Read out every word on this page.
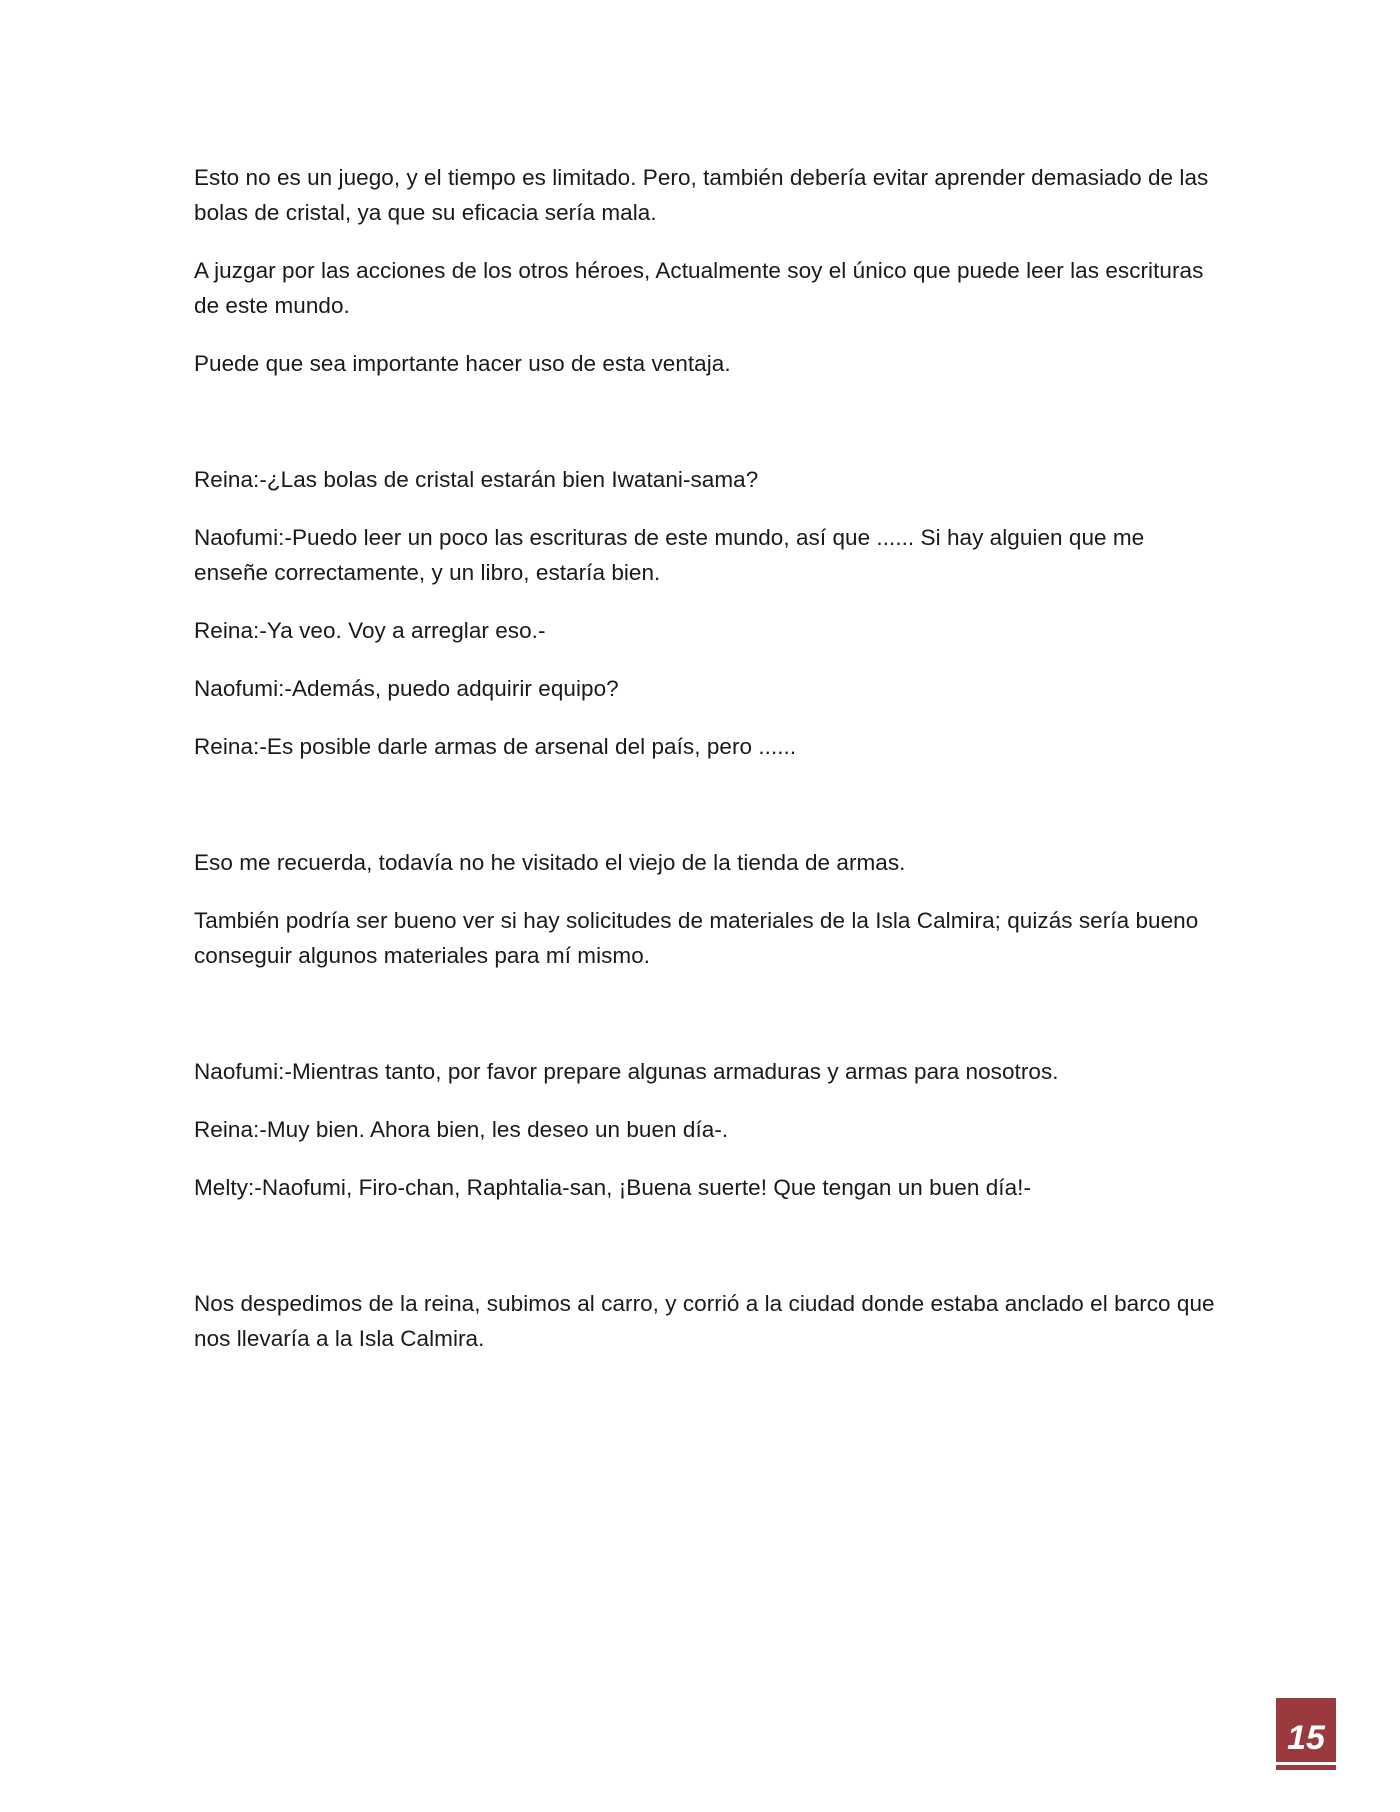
Esto no es un juego, y el tiempo es limitado. Pero, también debería evitar aprender demasiado de las bolas de cristal, ya que su eficacia sería mala.

A juzgar por las acciones de los otros héroes, Actualmente soy el único que puede leer las escrituras de este mundo.

Puede que sea importante hacer uso de esta ventaja.

Reina:-¿Las bolas de cristal estarán bien Iwatani-sama?

Naofumi:-Puedo leer un poco las escrituras de este mundo, así que ...... Si hay alguien que me enseñe correctamente, y un libro, estaría bien.

Reina:-Ya veo. Voy a arreglar eso.-

Naofumi:-Además, puedo adquirir equipo?

Reina:-Es posible darle armas de arsenal del país, pero ......

Eso me recuerda, todavía no he visitado el viejo de la tienda de armas.

También podría ser bueno ver si hay solicitudes de materiales de la Isla Calmira; quizás sería bueno conseguir algunos materiales para mí mismo.

Naofumi:-Mientras tanto, por favor prepare algunas armaduras y armas para nosotros.

Reina:-Muy bien. Ahora bien, les deseo un buen día-.

Melty:-Naofumi, Firo-chan, Raphtalia-san, ¡Buena suerte! Que tengan un buen día!-

Nos despedimos de la reina, subimos al carro, y corrió a la ciudad donde estaba anclado el barco que nos llevaría a la Isla Calmira.

15
